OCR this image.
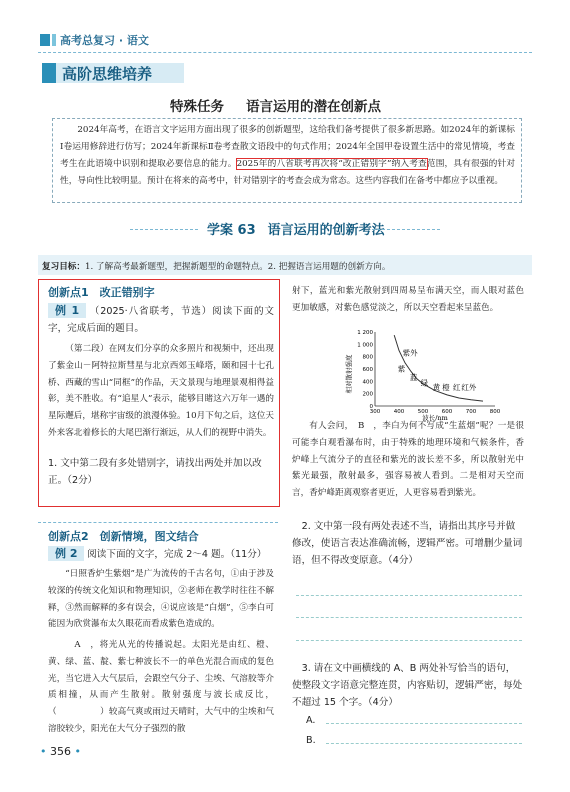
高考总复习 · 语文
高阶思维培养
特殊任务 语言运用的潜在创新点
2024年高考，在语言文字运用方面出现了很多的创新题型，这给我们备考提供了很多新思路。如2024年的新课标Ⅰ卷运用修辞进行仿写；2024年新课标Ⅱ卷考查散文语段中的句式作用；2024年全国甲卷设置生活中的常见情境，考查考生在此语境中识别和提取必要信息的能力。2025年的八省联考再次将“改正错别字”纳入考查范围，具有很强的针对性，导向性比较明显。预计在将来的高考中，针对错别字的考查会成为常态。这些内容我们在备考中都应予以重视。
学案 63 语言运用的创新考法
复习目标：1. 了解高考最新题型，把握新题型的命题特点。2. 把握语言运用题的创新方向。
创新点1　改正错别字
例 1 （2025·八省联考，节选）阅读下面的文字，完成后面的题目。
（第二段）在网友们分享的众多照片和视频中，还出现了紫金山－阿特拉斯彗星与北京西郊玉峰塔，颐和园十七孔桥、西藏的雪山“同框”的作品，天文景现与地理景观相得益彰，美不胜收。有“追星人”表示，能够目睹这六万年一遇的星际邂后，堪称宇宙级的浪漫体验。10月下旬之后，这位天外来客北着修长的大尾巴渐行渐远，从人们的视野中消失。
1. 文中第二段有多处错别字，请找出两处并加以改正。（2分）
创新点2　创新情境，图文结合
例 2 阅读下面的文字，完成 2～4 题。（11分）
“日照香炉生紫烟”是广为流传的千古名句，①由于涉及较深的传统文化知识和物理知识，②老师在教学时往往不解释，③然而解释的多有误会，④说应该是“白烟”，⑤李白可能因为欣赏瀑布太久眼花而看成紫色造成的。
　A　，将光从光的传播说起。太阳光是由红、橙、黄、绿、蓝、靛、紫七种波长不一的单色光混合而成的复色光，当它进入大气层后，会跟空气分子、尘埃、气溶胶等介质相撞，从而产生散射。散射强度与波长成反比，（　　　　　）较高气爽或雨过天晴时，大气中的尘埃和气溶胶较少，阳光在大气分子强烈的散
射下，蓝光和紫光散射到四周易呈布满天空，而人眼对蓝色更加敏感，对紫色感觉淡之，所以天空看起来呈蓝色。
相对散射强度
0
200
400
600
800
1 000
1 200
300 400 500 600 700 800
紫外
紫
蓝
绿 黄 橙 红 红外
波长/nm
有人会问，　B　，李白为何不写成“生蓝烟”呢？一是很可能李白观看瀑布时，由于特殊的地理环境和气候条件，香炉峰上气流分子的直径和紫光的波长差不多，所以散射光中紫光最强，散射最多，强容易被人看到。二是相对天空而言，香炉峰距离观察者更近，人更容易看到紫光。
2. 文中第一段有两处表述不当，请指出其序号并做修改，使语言表达准确流畅，逻辑严密。可增删少量词语，但不得改变原意。（4分）
3. 请在文中画横线的 A、B 两处补写恰当的语句，使整段文字语意完整连贯，内容贴切，逻辑严密，每处不超过 15 个字。（4分）
A.
B.
• 356 •
